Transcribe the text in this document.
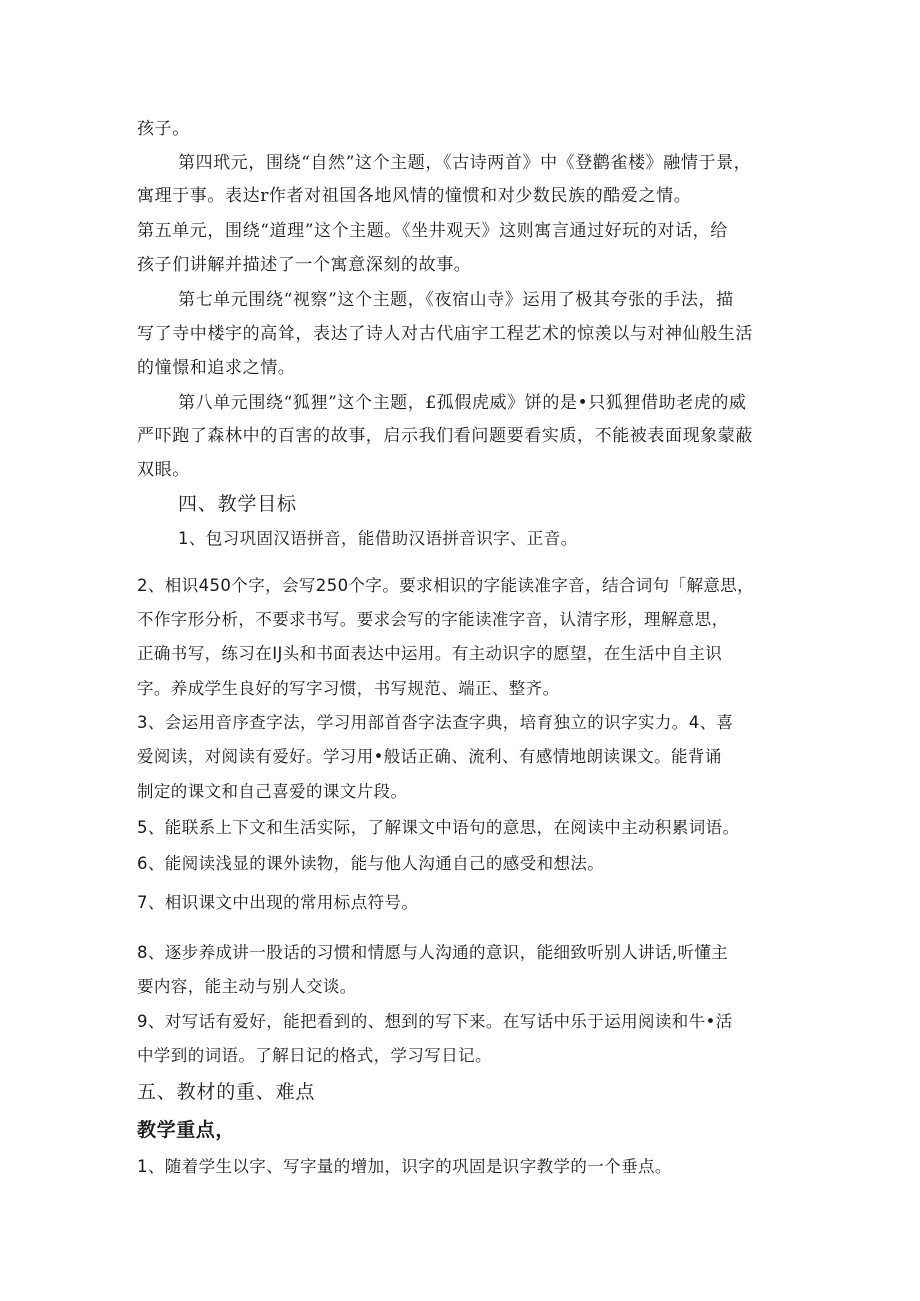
孩子。
第四玳元，围绕“自然”这个主题，《古诗两首》中《登鹳雀楼》融情于景，
寓理于事。表达r作者对祖国各地风情的憧惯和对少数民族的酷爱之情。
第五单元，围绕“道理”这个主题。《坐井观天》这则寓言通过好玩的对话，给
孩子们讲解并描述了一个寓意深刻的故事。
第七单元围绕“视察”这个主题，《夜宿山寺》运用了极其夸张的手法，描
写了寺中楼宇的高耸，表达了诗人对古代庙宇工程艺术的惊羡以与对神仙般生活
的憧憬和追求之情。
第八单元围绕“狐狸”这个主题，£孤假虎威》饼的是•只狐狸借助老虎的威
严吓跑了森林中的百害的故事，启示我们看问题要看实质，不能被表面现象蒙蔽
双眼。
四、教学目标
1、包习巩固汉语拼音，能借助汉语拼音识字、正音。
2、相识450个字，会写250个字。要求相识的字能读准字音，结合词句「解意思，
不作字形分析，不要求书写。要求会写的字能读准字音，认清字形，理解意思，
正确书写，练习在IJ头和书面表达中运用。有主动识字的愿望，在生活中自主识
字。养成学生良好的写字习惯，书写规范、端正、整齐。
3、会运用音序查字法，学习用部首沓字法查字典，培育独立的识字实力。4、喜
爱阅读，对阅读有爱好。学习用•般话正确、流利、有感情地朗读课文。能背诵
制定的课文和自己喜爱的课文片段。
5、能联系上下文和生活实际，了解课文中语句的意思，在阅读中主动积累词语。
6、能阅读浅显的课外读物，能与他人沟通自己的感受和想法。
7、相识课文中出现的常用标点符号。
8、逐步养成讲一股话的习惯和情愿与人沟通的意识，能细致听别人讲话,听懂主
要内容，能主动与别人交谈。
9、对写话有爱好，能把看到的、想到的写下来。在写话中乐于运用阅读和牛•活
中学到的词语。了解日记的格式，学习写日记。
五、教材的重、难点
教学重点，
1、随着学生以字、写字量的增加，识字的巩固是识字教学的一个垂点。
